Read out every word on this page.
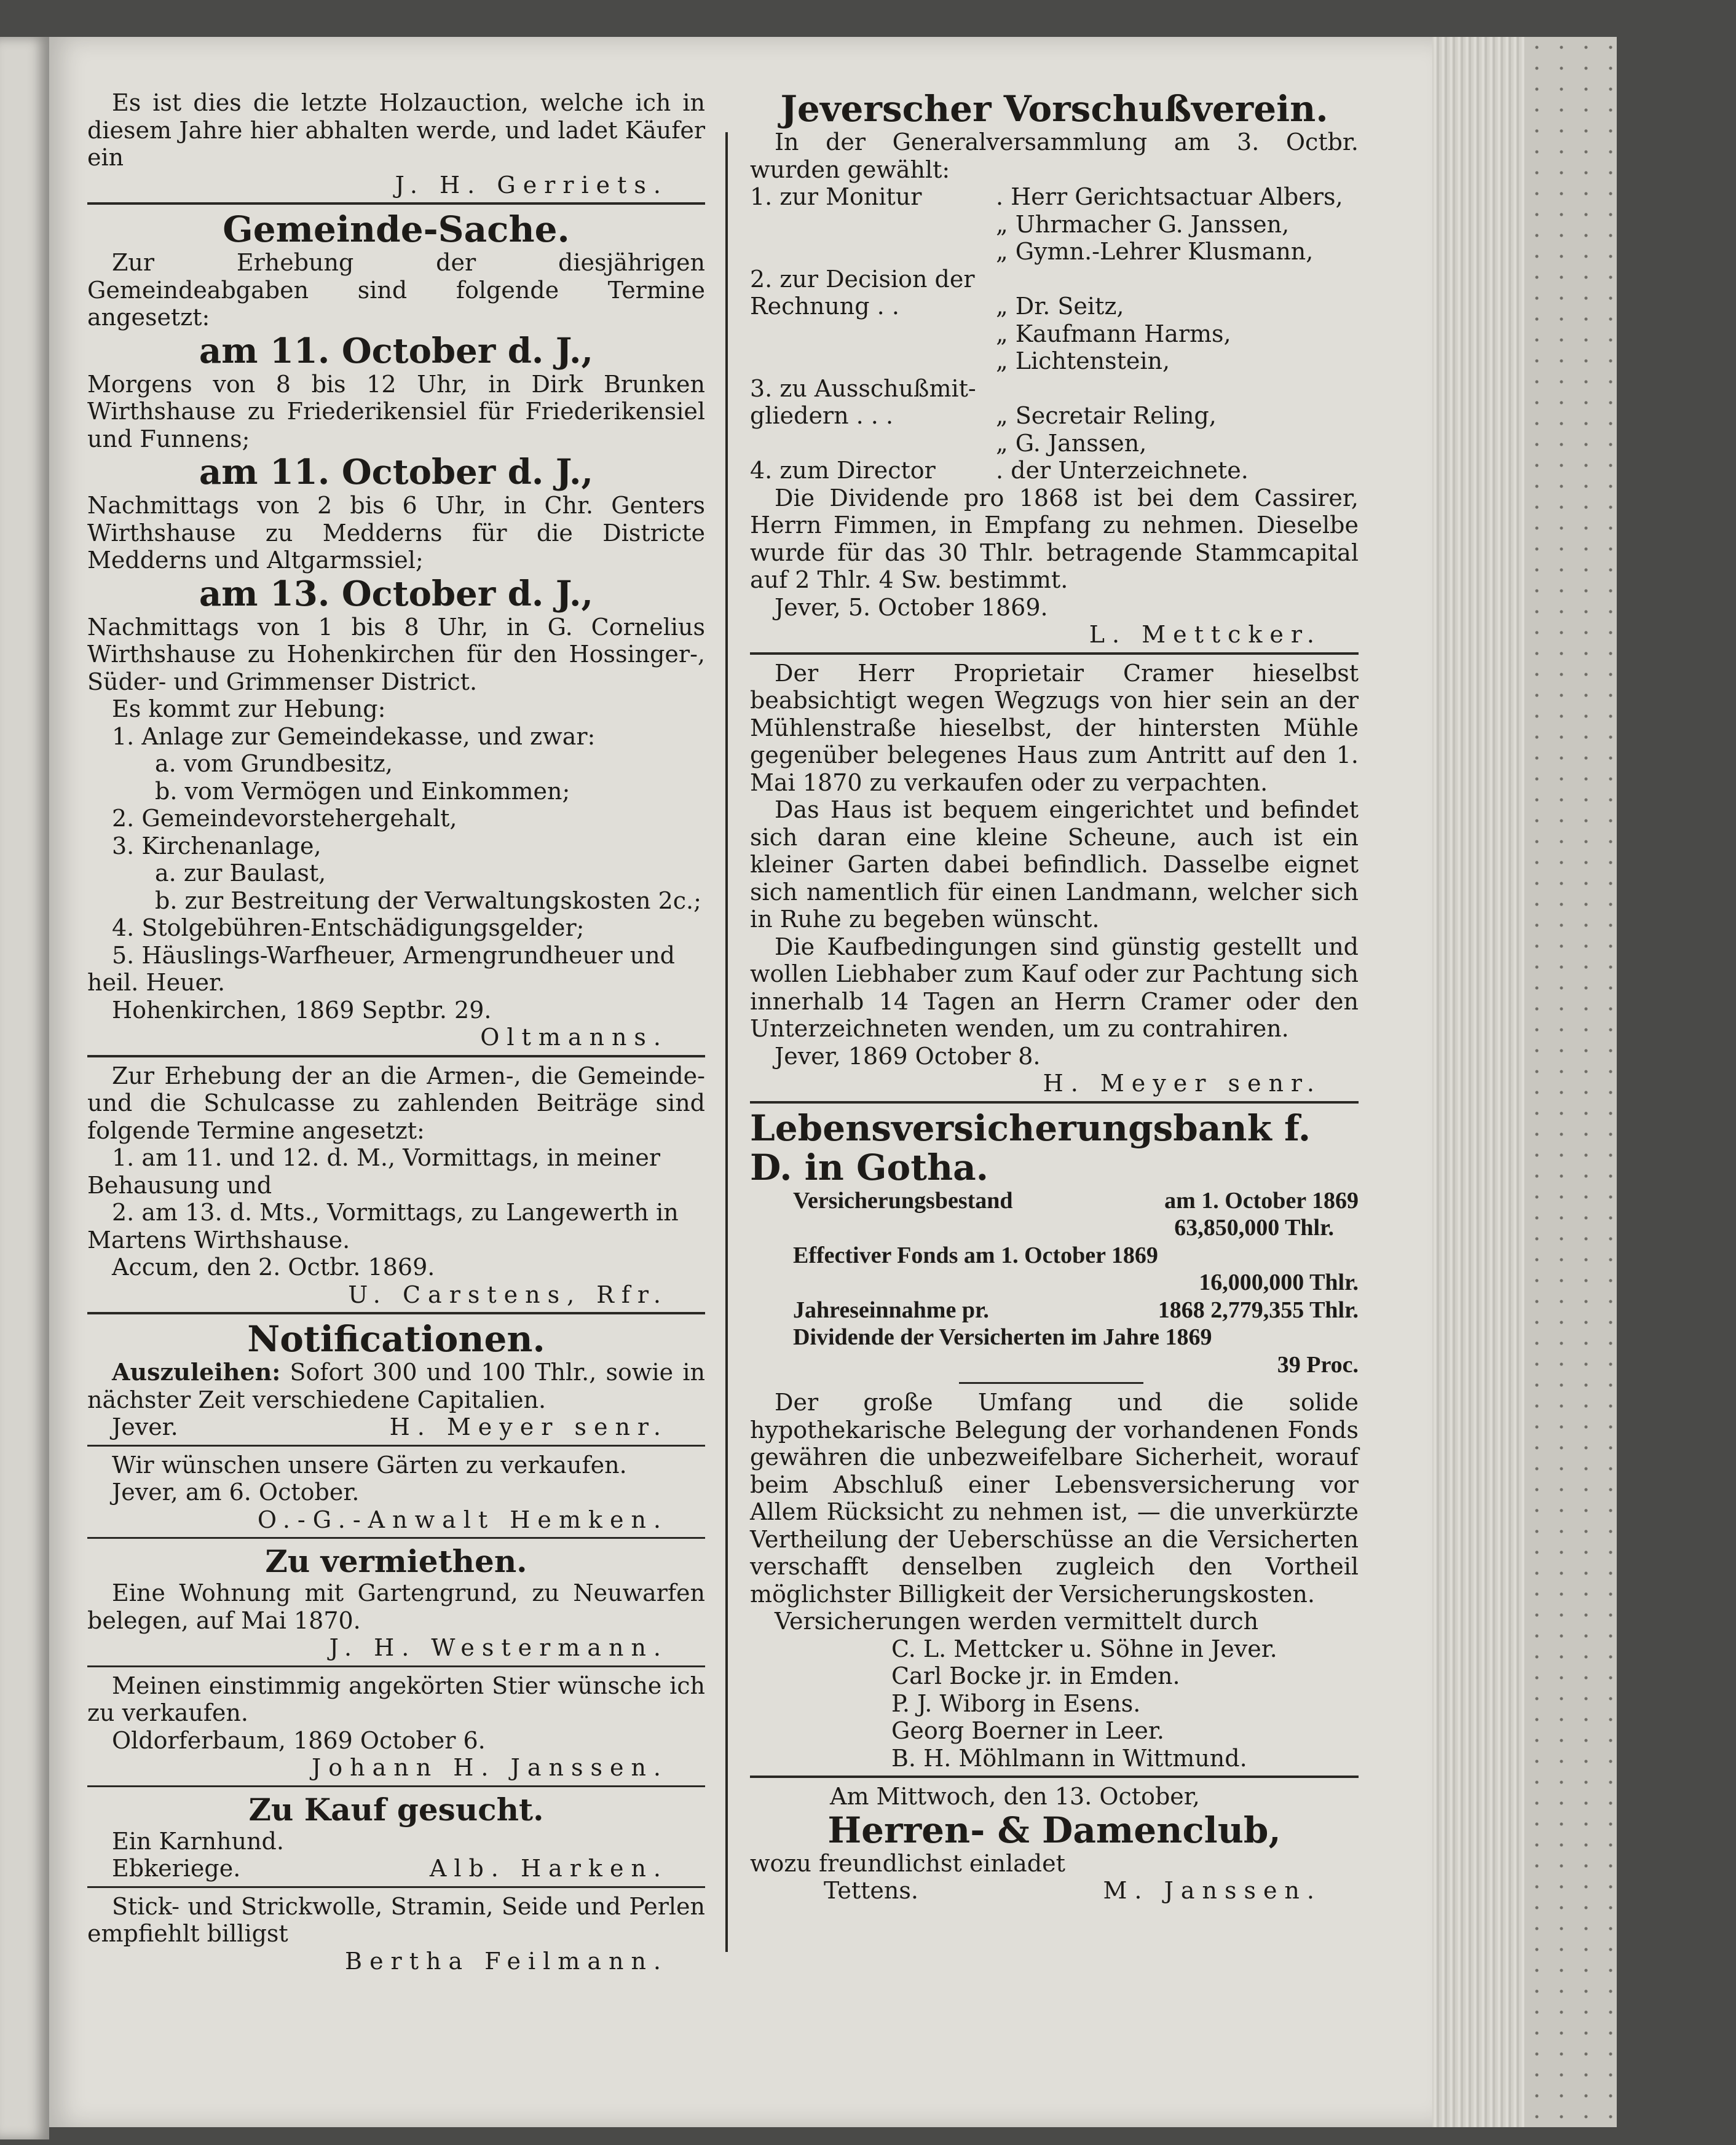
Es ist dies die letzte Holzauction, welche ich in diesem Jahre hier abhalten werde, und ladet Käufer ein

J. H. Gerriets.

Gemeinde-Sache.

Zur Erhebung der diesjährigen Gemeindeabgaben sind folgende Termine angesetzt:

am 11. October d. J.,

Morgens von 8 bis 12 Uhr, in Dirk Brunken Wirthshause zu Friederikensiel für Friederikensiel und Funnens;

am 11. October d. J.,

Nachmittags von 2 bis 6 Uhr, in Chr. Genters Wirthshause zu Medderns für die Districte Medderns und Altgarmssiel;

am 13. October d. J.,

Nachmittags von 1 bis 8 Uhr, in G. Cornelius Wirthshause zu Hohenkirchen für den Hossinger-, Süder- und Grimmenser District.

Es kommt zur Hebung:

1. Anlage zur Gemeindekasse, und zwar:

a. vom Grundbesitz,

b. vom Vermögen und Einkommen;

2. Gemeindevorstehergehalt,

3. Kirchenanlage,

a. zur Baulast,

b. zur Bestreitung der Verwaltungskosten 2c.;

4. Stolgebühren-Entschädigungsgelder;

5. Häuslings-Warfheuer, Armengrundheuer und heil. Heuer.

Hohenkirchen, 1869 Septbr. 29.

Oltmanns.

Zur Erhebung der an die Armen-, die Gemeinde- und die Schulcasse zu zahlenden Beiträge sind folgende Termine angesetzt:

1. am 11. und 12. d. M., Vormittags, in meiner Behausung und

2. am 13. d. Mts., Vormittags, zu Langewerth in Martens Wirthshause.

Accum, den 2. Octbr. 1869.

U. Carstens, Rfr.

Notificationen.

Auszuleihen: Sofort 300 und 100 Thlr., sowie in nächster Zeit verschiedene Capitalien.

Jever.	H. Meyer senr.

Wir wünschen unsere Gärten zu verkaufen.

Jever, am 6. October.

O.-G.-Anwalt Hemken.

Zu vermiethen.

Eine Wohnung mit Gartengrund, zu Neuwarfen belegen, auf Mai 1870.

J. H. Westermann.

Meinen einstimmig angekörten Stier wünsche ich zu verkaufen.

Oldorferbaum, 1869 October 6.

Johann H. Janssen.

Zu Kauf gesucht.

Ein Karnhund.

Ebkeriege.	Alb. Harken.

Stick- und Strickwolle, Stramin, Seide und Perlen empfiehlt billigst

Bertha Feilmann.

Jeverscher Vorschußverein.

In der Generalversammlung am 3. Octbr. wurden gewählt:

1. zur Monitur	. Herr Gerichtsactuar Albers,
	„ Uhrmacher G. Janssen,
	„ Gymn.-Lehrer Klusmann,
2. zur Decision der	
Rechnung . .	„ Dr. Seitz,
	„ Kaufmann Harms,
	„ Lichtenstein,
3. zu Ausschußmit-	
gliedern . . .	„ Secretair Reling,
	„ G. Janssen,
4. zum Director	. der Unterzeichnete.

Die Dividende pro 1868 ist bei dem Cassirer, Herrn Fimmen, in Empfang zu nehmen. Dieselbe wurde für das 30 Thlr. betragende Stammcapital auf 2 Thlr. 4 Sw. bestimmt.

Jever, 5. October 1869.

L. Mettcker.

Der Herr Proprietair Cramer hieselbst beabsichtigt wegen Wegzugs von hier sein an der Mühlenstraße hieselbst, der hintersten Mühle gegenüber belegenes Haus zum Antritt auf den 1. Mai 1870 zu verkaufen oder zu verpachten.

Das Haus ist bequem eingerichtet und befindet sich daran eine kleine Scheune, auch ist ein kleiner Garten dabei befindlich. Dasselbe eignet sich namentlich für einen Landmann, welcher sich in Ruhe zu begeben wünscht.

Die Kaufbedingungen sind günstig gestellt und wollen Liebhaber zum Kauf oder zur Pachtung sich innerhalb 14 Tagen an Herrn Cramer oder den Unterzeichneten wenden, um zu contrahiren.

Jever, 1869 October 8.

H. Meyer senr.

Lebensversicherungsbank f. D. in Gotha.

Versicherungsbestand	am 1. October 1869

63,850,000 Thlr.

Effectiver Fonds am 1. October 1869

16,000,000 Thlr.

Jahreseinnahme pr.	1868 2,779,355 Thlr.

Dividende der Versicherten im Jahre 1869

39 Proc.

Der große Umfang und die solide hypothekarische Belegung der vorhandenen Fonds gewähren die unbezweifelbare Sicherheit, worauf beim Abschluß einer Lebensversicherung vor Allem Rücksicht zu nehmen ist, — die unverkürzte Vertheilung der Ueberschüsse an die Versicherten verschafft denselben zugleich den Vortheil möglichster Billigkeit der Versicherungskosten.

Versicherungen werden vermittelt durch

C. L. Mettcker u. Söhne in Jever.

Carl Bocke jr. in Emden.

P. J. Wiborg in Esens.

Georg Boerner in Leer.

B. H. Möhlmann in Wittmund.

Am Mittwoch, den 13. October,

Herren- & Damenclub,

wozu freundlichst einladet

Tettens.	M. Janssen.
